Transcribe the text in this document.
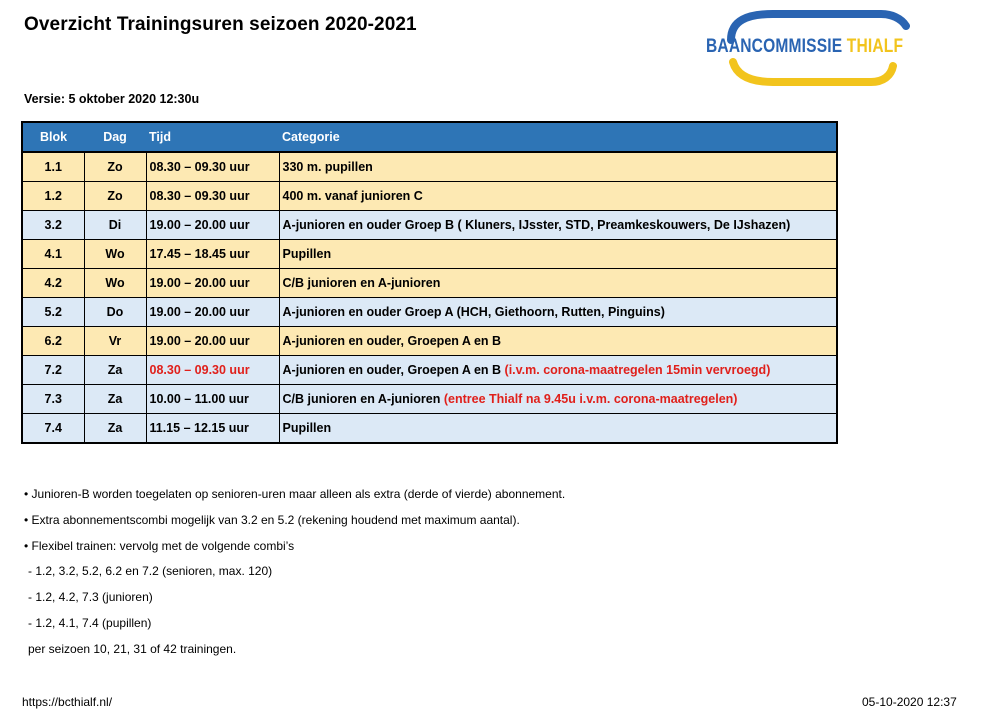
Overzicht Trainingsuren seizoen 2020-2021
BAANCOMMISSIE THIALF
Versie: 5 oktober 2020 12:30u
Blok	Dag	Tijd	Categorie
1.1	Zo	08.30 – 09.30 uur	330 m. pupillen
1.2	Zo	08.30 – 09.30 uur	400 m. vanaf junioren C
3.2	Di	19.00 – 20.00 uur	A-junioren en ouder Groep B ( Kluners, IJsster, STD, Preamkeskouwers, De IJshazen)
4.1	Wo	17.45 – 18.45 uur	Pupillen
4.2	Wo	19.00 – 20.00 uur	C/B junioren en A-junioren
5.2	Do	19.00 – 20.00 uur	A-junioren en ouder Groep A (HCH, Giethoorn, Rutten, Pinguins)
6.2	Vr	19.00 – 20.00 uur	A-junioren en ouder, Groepen A en B
7.2	Za	08.30 – 09.30 uur	A-junioren en ouder, Groepen A en B (i.v.m. corona-maatregelen 15min vervroegd)
7.3	Za	10.00 – 11.00 uur	C/B junioren en A-junioren (entree Thialf na 9.45u i.v.m. corona-maatregelen)
7.4	Za	11.15 – 12.15 uur	Pupillen
• Junioren-B worden toegelaten op senioren-uren maar alleen als extra (derde of vierde) abonnement.
• Extra abonnementscombi mogelijk van 3.2 en 5.2 (rekening houdend met maximum aantal).
• Flexibel trainen: vervolg met de volgende combi’s
- 1.2, 3.2, 5.2, 6.2 en 7.2 (senioren, max. 120)
- 1.2, 4.2, 7.3 (junioren)
- 1.2, 4.1, 7.4 (pupillen)
per seizoen 10, 21, 31 of 42 trainingen.
https://bcthialf.nl/	05-10-2020 12:37
